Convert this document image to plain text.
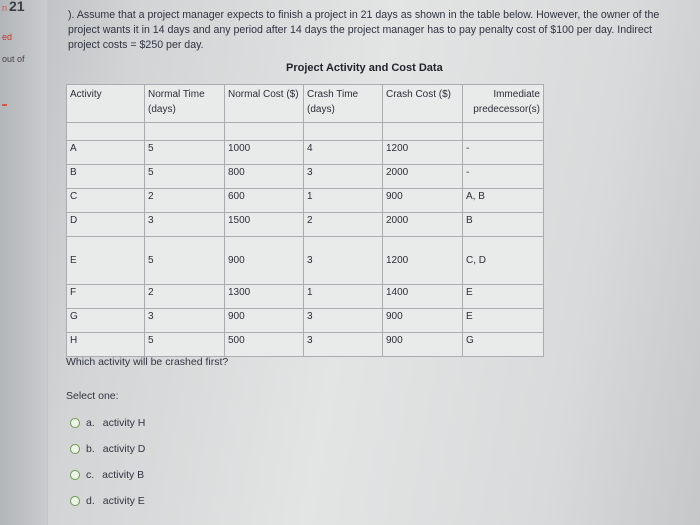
n 21
ed
out of
). Assume that a project manager expects to finish a project in 21 days as shown in the table below. However, the owner of the project wants it in 14 days and any period after 14 days the project manager has to pay penalty cost of $100 per day. Indirect project costs = $250 per day.
Project Activity and Cost Data
Activity	Normal Time (days)	Normal Cost ($)	Crash Time (days)	Crash Cost ($)	Immediate predecessor(s)

A	5	1000	4	1200	-
B	5	800	3	2000	-
C	2	600	1	900	A, B
D	3	1500	2	2000	B
E	5	900	3	1200	C, D
F	2	1300	1	1400	E
G	3	900	3	900	E
H	5	500	3	900	G
Which activity will be crashed first?
Select one:
a. activity H
b. activity D
c. activity B
d. activity E
